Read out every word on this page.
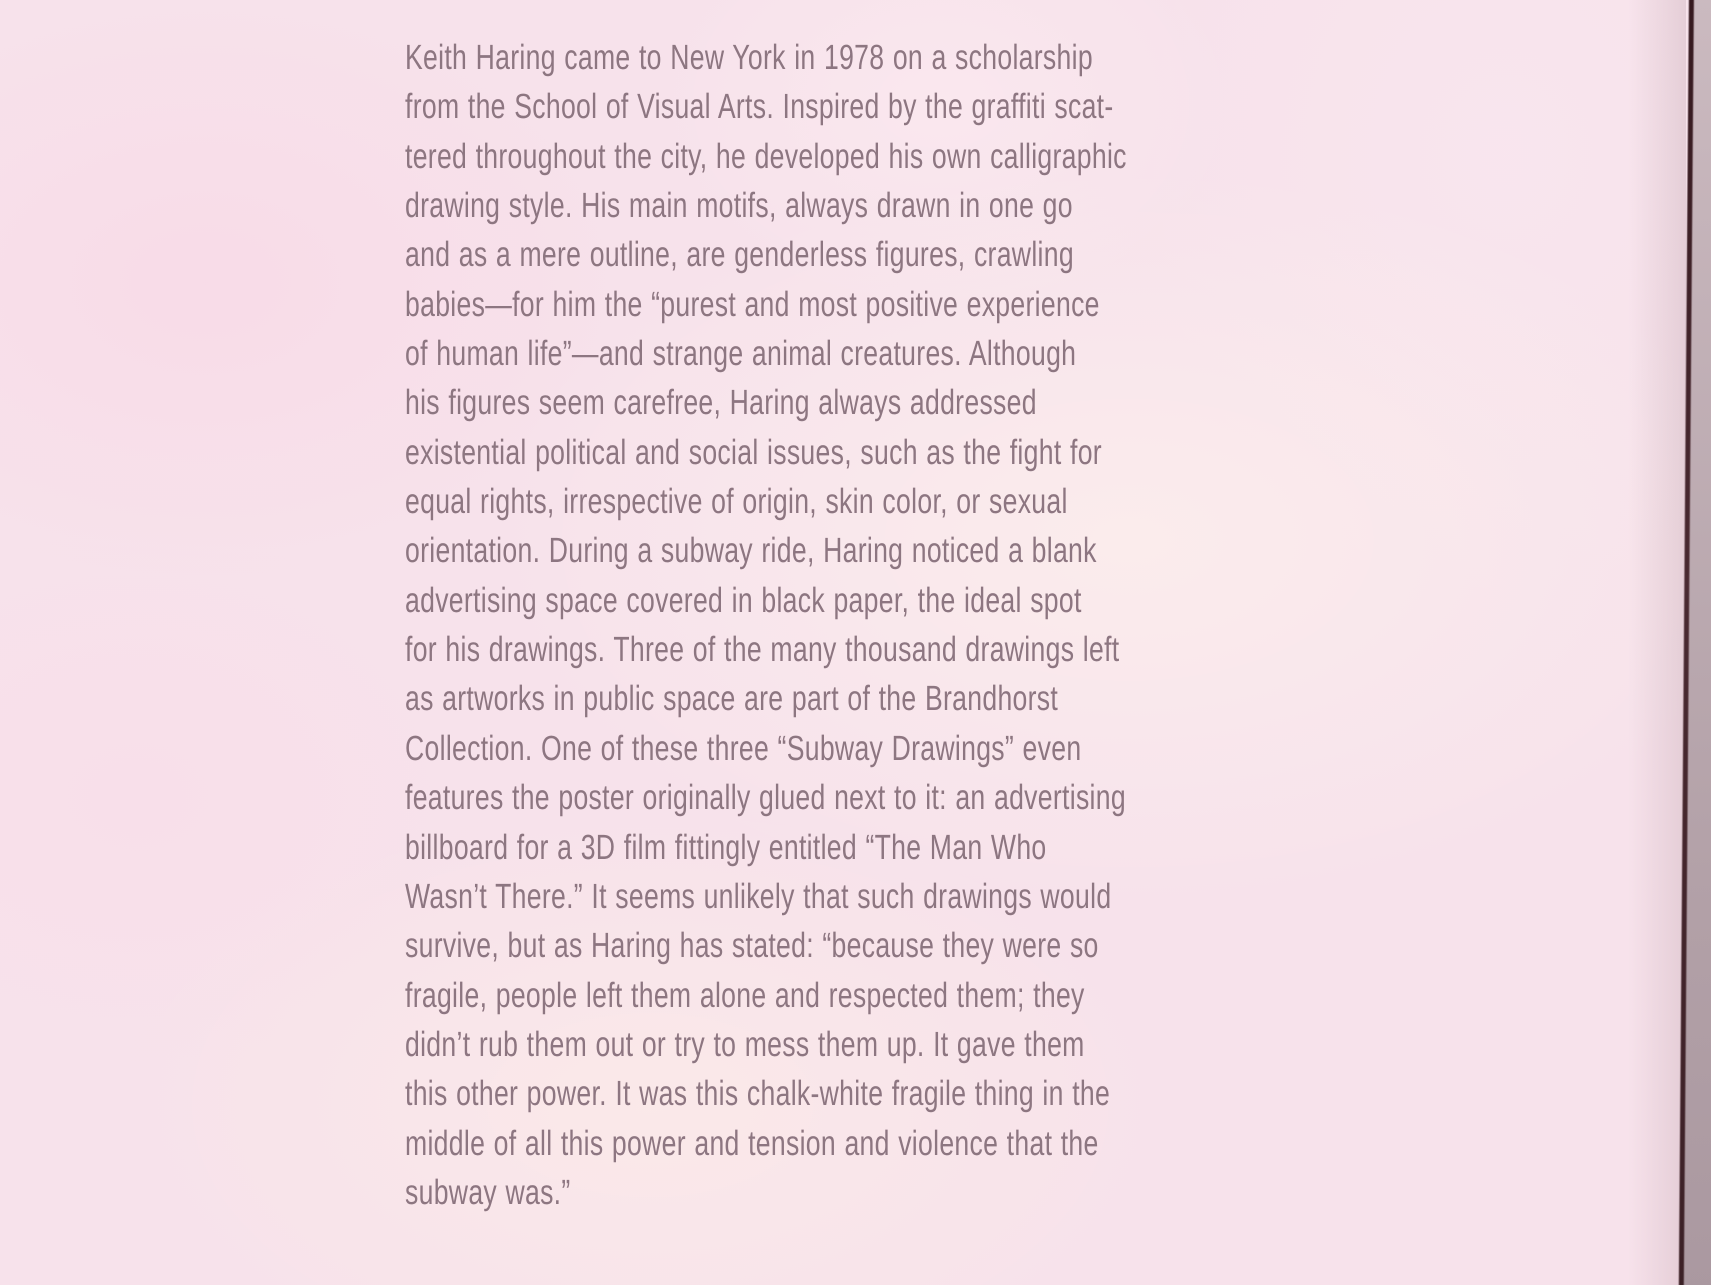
Keith Haring came to New York in 1978 on a scholarship
from the School of Visual Arts. Inspired by the graffiti scat-
tered throughout the city, he developed his own calligraphic
drawing style. His main motifs, always drawn in one go
and as a mere outline, are genderless figures, crawling
babies—for him the “purest and most positive experience
of human life”—and strange animal creatures. Although
his figures seem carefree, Haring always addressed
existential political and social issues, such as the fight for
equal rights, irrespective of origin, skin color, or sexual
orientation. During a subway ride, Haring noticed a blank
advertising space covered in black paper, the ideal spot
for his drawings. Three of the many thousand drawings left
as artworks in public space are part of the Brandhorst
Collection. One of these three “Subway Drawings” even
features the poster originally glued next to it: an advertising
billboard for a 3D film fittingly entitled “The Man Who
Wasn’t There.” It seems unlikely that such drawings would
survive, but as Haring has stated: “because they were so
fragile, people left them alone and respected them; they
didn’t rub them out or try to mess them up. It gave them
this other power. It was this chalk-white fragile thing in the
middle of all this power and tension and violence that the
subway was.”
